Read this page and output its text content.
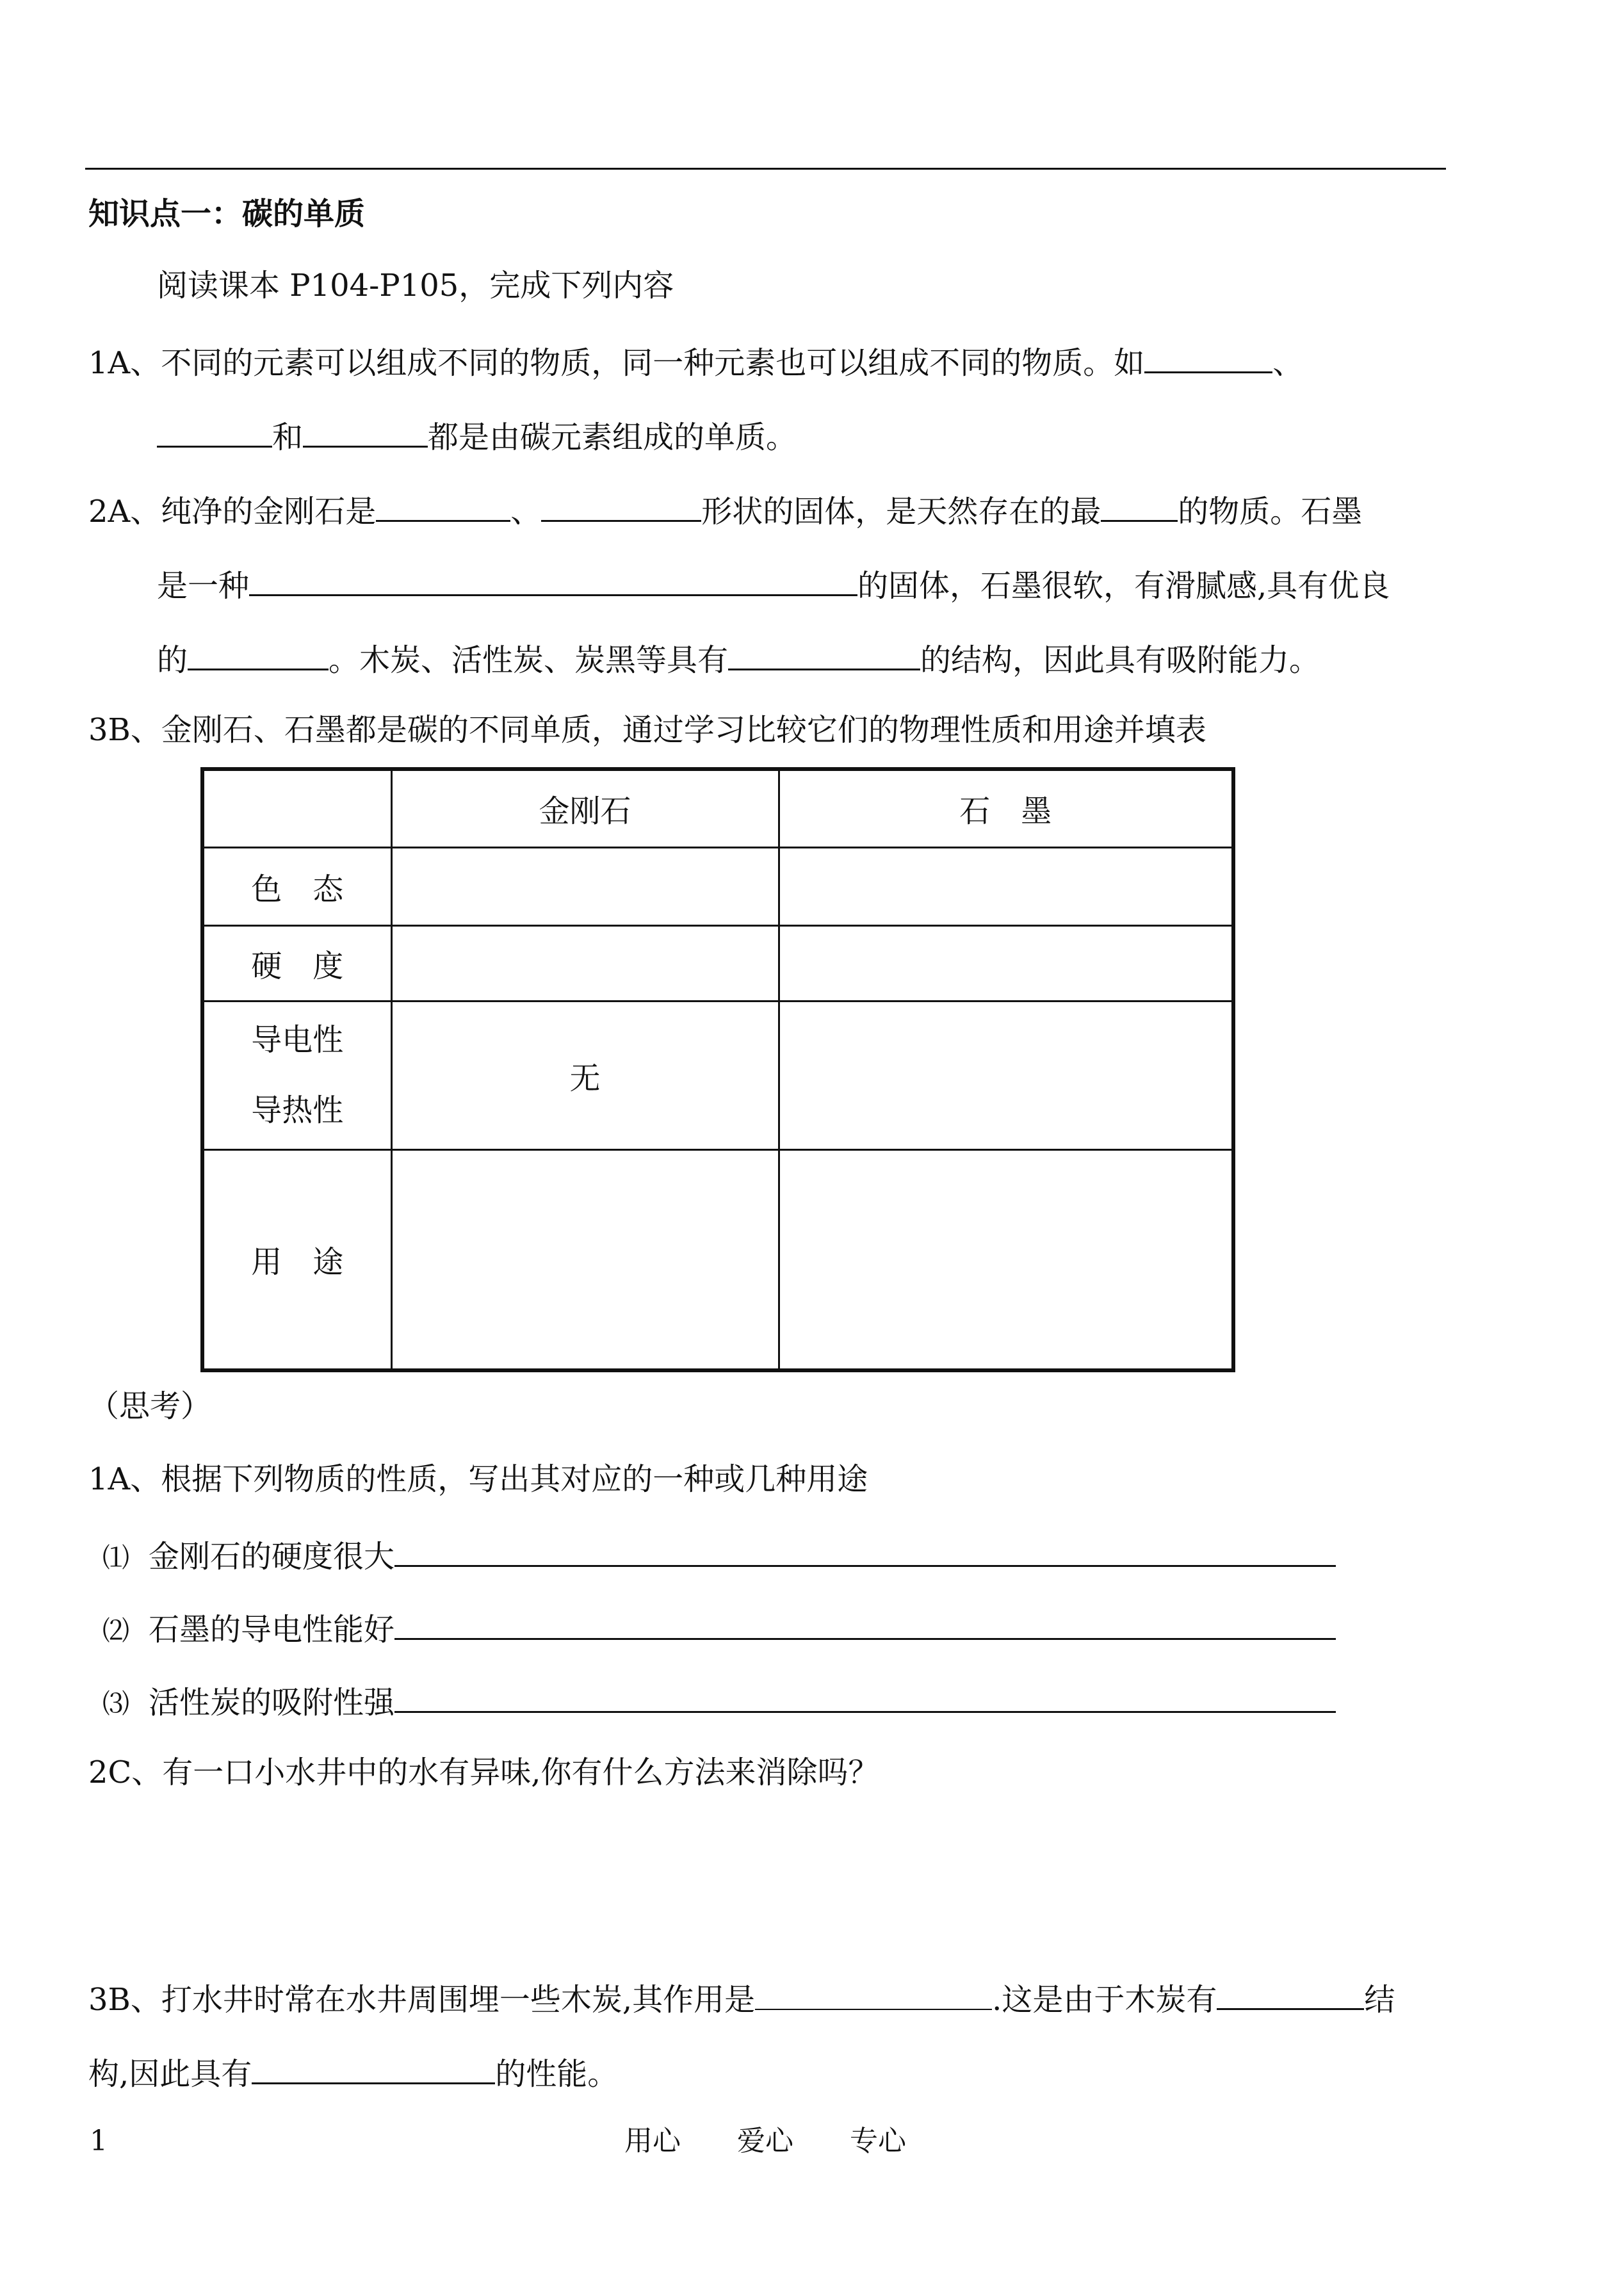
知识点一：碳的单质
阅读课本 P104-P105，完成下列内容
1A、不同的元素可以组成不同的物质，同一种元素也可以组成不同的物质。如	、
和	都是由碳元素组成的单质。
2A、纯净的金刚石是	、	形状的固体，是天然存在的最	的物质。石墨
是一种	的固体，石墨很软，有滑腻感,具有优良
的	。木炭、活性炭、炭黑等具有	的结构，因此具有吸附能力。
3B、金刚石、石墨都是碳的不同单质，通过学习比较它们的物理性质和用途并填表
	金刚石	石　墨
色　态		
硬　度		

导电性
导热性	无	
用　途		
（思考）
1A、根据下列物质的性质，写出其对应的一种或几种用途
⑴ 金刚石的硬度很大
⑵ 石墨的导电性能好
⑶ 活性炭的吸附性强
2C、有一口小水井中的水有异味,你有什么方法来消除吗？
3B、打水井时常在水井周围埋一些木炭,其作用是	.这是由于木炭有	结
构,因此具有	的性能。
1	用心 爱心 专心
